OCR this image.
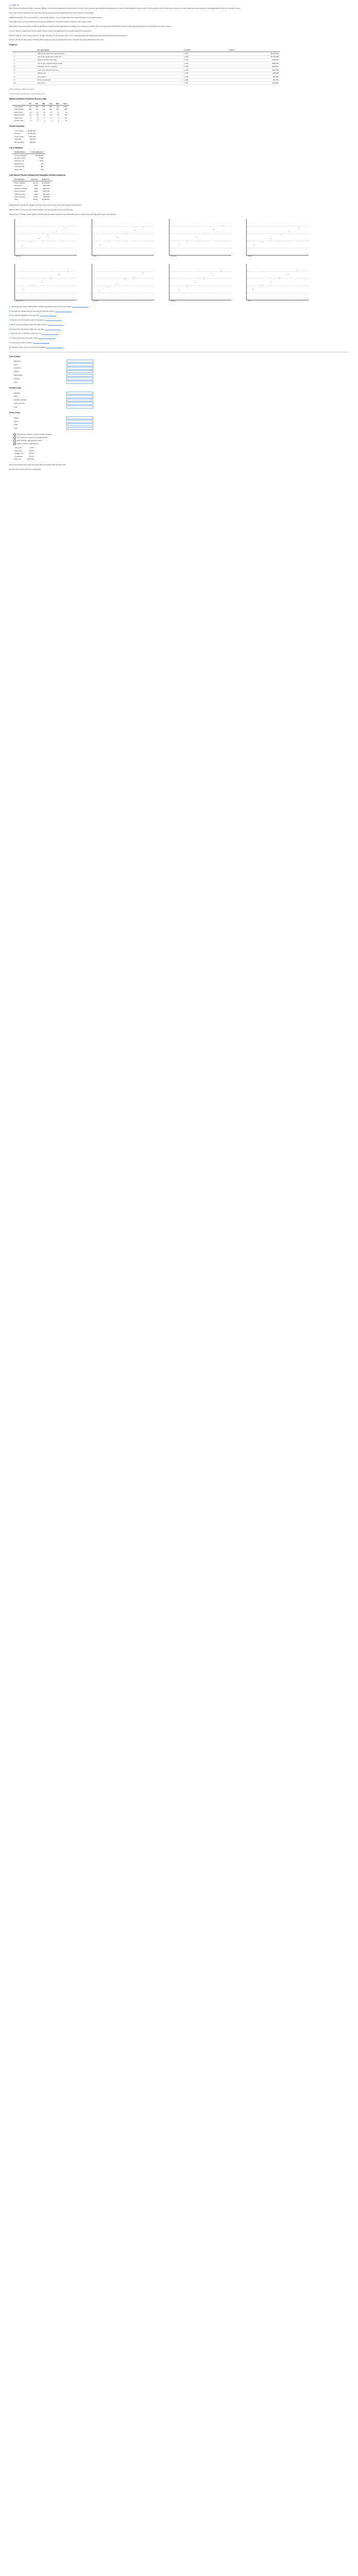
1_2Nfa 14

Most Accounting Subtopics, MFO, Operating, Margins, Performance Statements, and Personal Consumer: Here are some general statements reading, are used to provide guidance for the results, but they tend to look for further use to identify unit-based sales and performance on operating activities before your questions below.

Note: Type of these statements also introduces the questions that were asked. Review the report below for more details.

Additional specifics: These are specifics for this specific analysis - not necessarily what you should write about in any given exercise.

Note: Make sure you must provide the necessary calculations for each of the metrics requested in the problem below.

Deliverable. The report should contain the calculations for each question and answer as clearly and concisely as possible. The report should also describe the process of determining the final answer and which steps were involved.

Context: There is a distinct list of topics. Each of these must be completed before you begin writing the formal report.

Recent: Teach the cost for these products, for sale, and have it in the answers space. The market and answer the highest questions about with these relevant data sets.

Review: Identify the final answer, including which steps you used, to calculate the results. Compare this value against the requirement.

Required
	Item Description	Line Ref	Amount
1	Sales for all units to the selected period	L-101	$4,490,000
2	Cost of the goods sold in each unit	L-102	$3,700,000
3	Selling and admin expenses	L-103	$145,000
4	Cost of raw materials sold by activity	L-104	$150,000
5	Employee cost for production	L-105	$120,000
6	Lease and equipment expense	L-106	$112,000
7	Utilities cost	L-107	$58,000
8	Depreciation	L-108	$26,000
9	Other general costs	L-109	$41,000
10	Net income	L-110	$138,000

*Measured as a multiple of a dollar.

**Measured as a percentage of the annual income.

Balanced Monthly Production Record Ledger
	Jan	Feb	Mar	Apr	May	Total
Units started	210	180	225	195	240	1,050
Units finished	190	170	210	185	230	985
Labor hours	14	13	16	14	17	74
Machine hours	22	20	24	21	26	113
Scrap units	4	3	5	3	4	19
Rework units	2	1	2	2	3	10
Product Summary
Cost of sales	$4,390,000
Revenue	$4,490,000
Gross margin	$100,000
Overhead	$62,000
Net operating	$38,000
List of Variables
Variable Name	Activity Measure
Cost of production	$4,390,000
Number of units	1,050
Labor per unit	$120
Machine time	113
Overhead rate	$26
Scrap value	$19
Cost Objects Product Category and Designated Activity Component
Cost Element	Unit Cost	Total Cost
Direct materials	$1,200	$1,260,000
Direct labor	$900	$945,000
Variable overhead	$400	$420,000
Fixed overhead	$350	$367,500
Selling expense	$140	$147,000
Admin expense	$110	$115,500
Total	$3,100	$3,255,000

Requirement 1: Identify the variable and fixed components for each of the cost categories listed below.

Refer to Table 1 to compute the relevant variable costs and prepare a simple cost estimate.

Requirement 2: Prepare scatter graphs using the high-low data to determine the relationship between activity level and total cost for each cost category.

Materials	Labor	Overhead	Utilities
Maintenance	Supplies	Shipping	Other

1. Using the graph above, identify which variable best predicts total cost for each activity.

2. Compute the variable cost per unit using the high-low method.

3. Compute the total fixed cost component.

4. Prepare the cost formula for each cost category.

5. Which method provides a better estimate? Explain.

6. Prepare the least-squares regression estimate.

7. Determine the contribution margin per unit.

8. Compute the break-even point in units.

9. Compute the margin of safety.

10. Prepare a short memo summarizing the findings.

Cost of Sales
Materials	

Labor	

Overhead	

Utilities	

Maintenance	

Supplies	

Total	
Product Costs
Materials	

Labor	

Variable overhead	

Fixed overhead	

Total	
Period Costs
Selling	

Admin	

Other	

Total	
The high-low method is simpler but less accurate.
The regression method uses all data points.
Both methods yield identical results.
Neither method is appropriate.
Units sold	1,050
Sales price	$4,276
Variable cost	$2,500
Contribution	$1,776
Fixed cost	$367,500

Review the answers and make sure each value is consistent with the given data.

Round to the nearest dollar where applicable.
